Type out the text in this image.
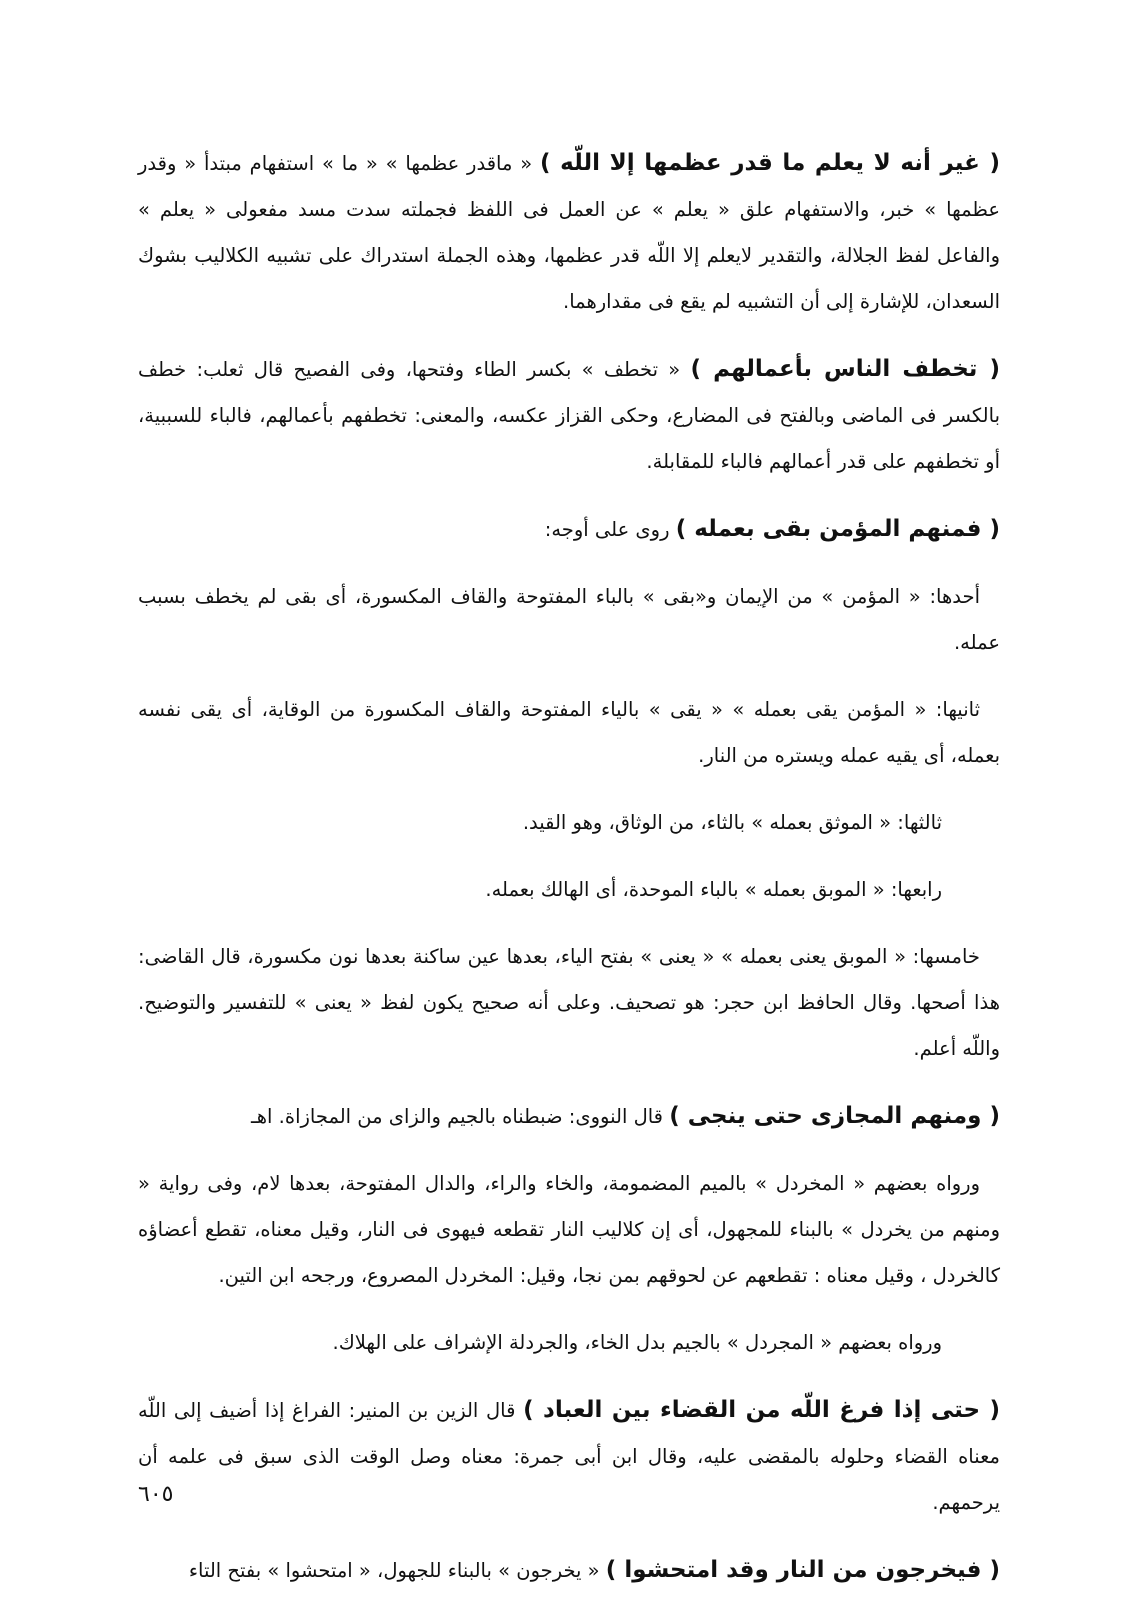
( غير أنه لا يعلم ما قدر عظمها إلا اللّه ) « ماقدر عظمها » « ما » استفهام مبتدأ « وقدر عظمها » خبر، والاستفهام علق « يعلم » عن العمل فى اللفظ فجملته سدت مسد مفعولى « يعلم » والفاعل لفظ الجلالة، والتقدير لايعلم إلا اللّه قدر عظمها، وهذه الجملة استدراك على تشبيه الكلاليب بشوك السعدان، للإشارة إلى أن التشبيه لم يقع فى مقدارهما.

( تخطف الناس بأعمالهم ) « تخطف » بكسر الطاء وفتحها، وفى الفصيح قال ثعلب: خطف بالكسر فى الماضى وبالفتح فى المضارع، وحكى القزاز عكسه، والمعنى: تخطفهم بأعمالهم، فالباء للسببية، أو تخطفهم على قدر أعمالهم فالباء للمقابلة.

( فمنهم المؤمن بقى بعمله ) روى على أوجه:

أحدها: « المؤمن » من الإيمان و«بقى » بالباء المفتوحة والقاف المكسورة، أى بقى لم يخطف بسبب عمله.

ثانيها: « المؤمن يقى بعمله » « يقى » بالياء المفتوحة والقاف المكسورة من الوقاية، أى يقى نفسه بعمله، أى يقيه عمله ويستره من النار.

ثالثها: « الموثق بعمله » بالثاء، من الوثاق، وهو القيد.

رابعها: « الموبق بعمله » بالباء الموحدة، أى الهالك بعمله.

خامسها: « الموبق يعنى بعمله » « يعنى » بفتح الياء، بعدها عين ساكنة بعدها نون مكسورة، قال القاضى: هذا أصحها. وقال الحافظ ابن حجر: هو تصحيف. وعلى أنه صحيح يكون لفظ « يعنى » للتفسير والتوضيح. واللّه أعلم.

( ومنهم المجازى حتى ينجى ) قال النووى: ضبطناه بالجيم والزاى من المجازاة. اهـ

ورواه بعضهم « المخردل » بالميم المضمومة، والخاء والراء، والدال المفتوحة، بعدها لام، وفى رواية « ومنهم من يخردل » بالبناء للمجهول، أى إن كلاليب النار تقطعه فيهوى فى النار، وقيل معناه، تقطع أعضاؤه كالخردل ، وقيل معناه : تقطعهم عن لحوقهم بمن نجا، وقيل: المخردل المصروع، ورجحه ابن التين.

ورواه بعضهم « المجردل » بالجيم بدل الخاء، والجردلة الإشراف على الهلاك.

( حتى إذا فرغ اللّه من القضاء بين العباد ) قال الزين بن المنير: الفراغ إذا أضيف إلى اللّه معناه القضاء وحلوله بالمقضى عليه، وقال ابن أبى جمرة: معناه وصل الوقت الذى سبق فى علمه أن يرحمهم.

( فيخرجون من النار وقد امتحشوا ) « يخرجون » بالبناء للجهول، « امتحشوا » بفتح التاء

٦٠٥
